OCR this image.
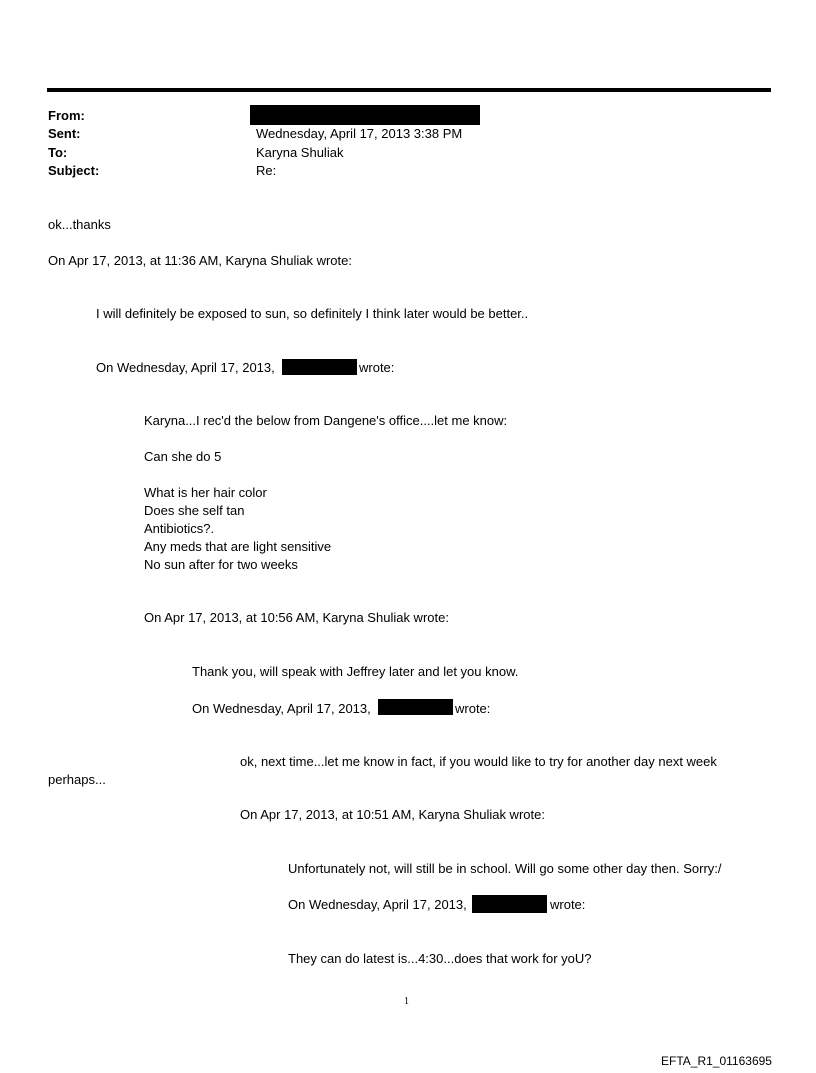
From:
Sent:	Wednesday, April 17, 2013 3:38 PM
To:	Karyna Shuliak
Subject:	Re:
ok...thanks
On Apr 17, 2013, at 11:36 AM, Karyna Shuliak wrote:
I will definitely be exposed to sun, so definitely I think later would be better..
On Wednesday, April 17, 2013,	wrote:
Karyna...I rec'd the below from Dangene's office....let me know:
Can she do 5
What is her hair color
Does she self tan
Antibiotics?.
Any meds that are light sensitive
No sun after for two weeks
On Apr 17, 2013, at 10:56 AM, Karyna Shuliak wrote:
Thank you, will speak with Jeffrey later and let you know.
On Wednesday, April 17, 2013,	wrote:
ok, next time...let me know in fact, if you would like to try for another day next week
perhaps...
On Apr 17, 2013, at 10:51 AM, Karyna Shuliak wrote:
Unfortunately not, will still be in school. Will go some other day then. Sorry:/
On Wednesday, April 17, 2013,	wrote:
They can do latest is...4:30...does that work for yoU?
1
EFTA_R1_01163695
